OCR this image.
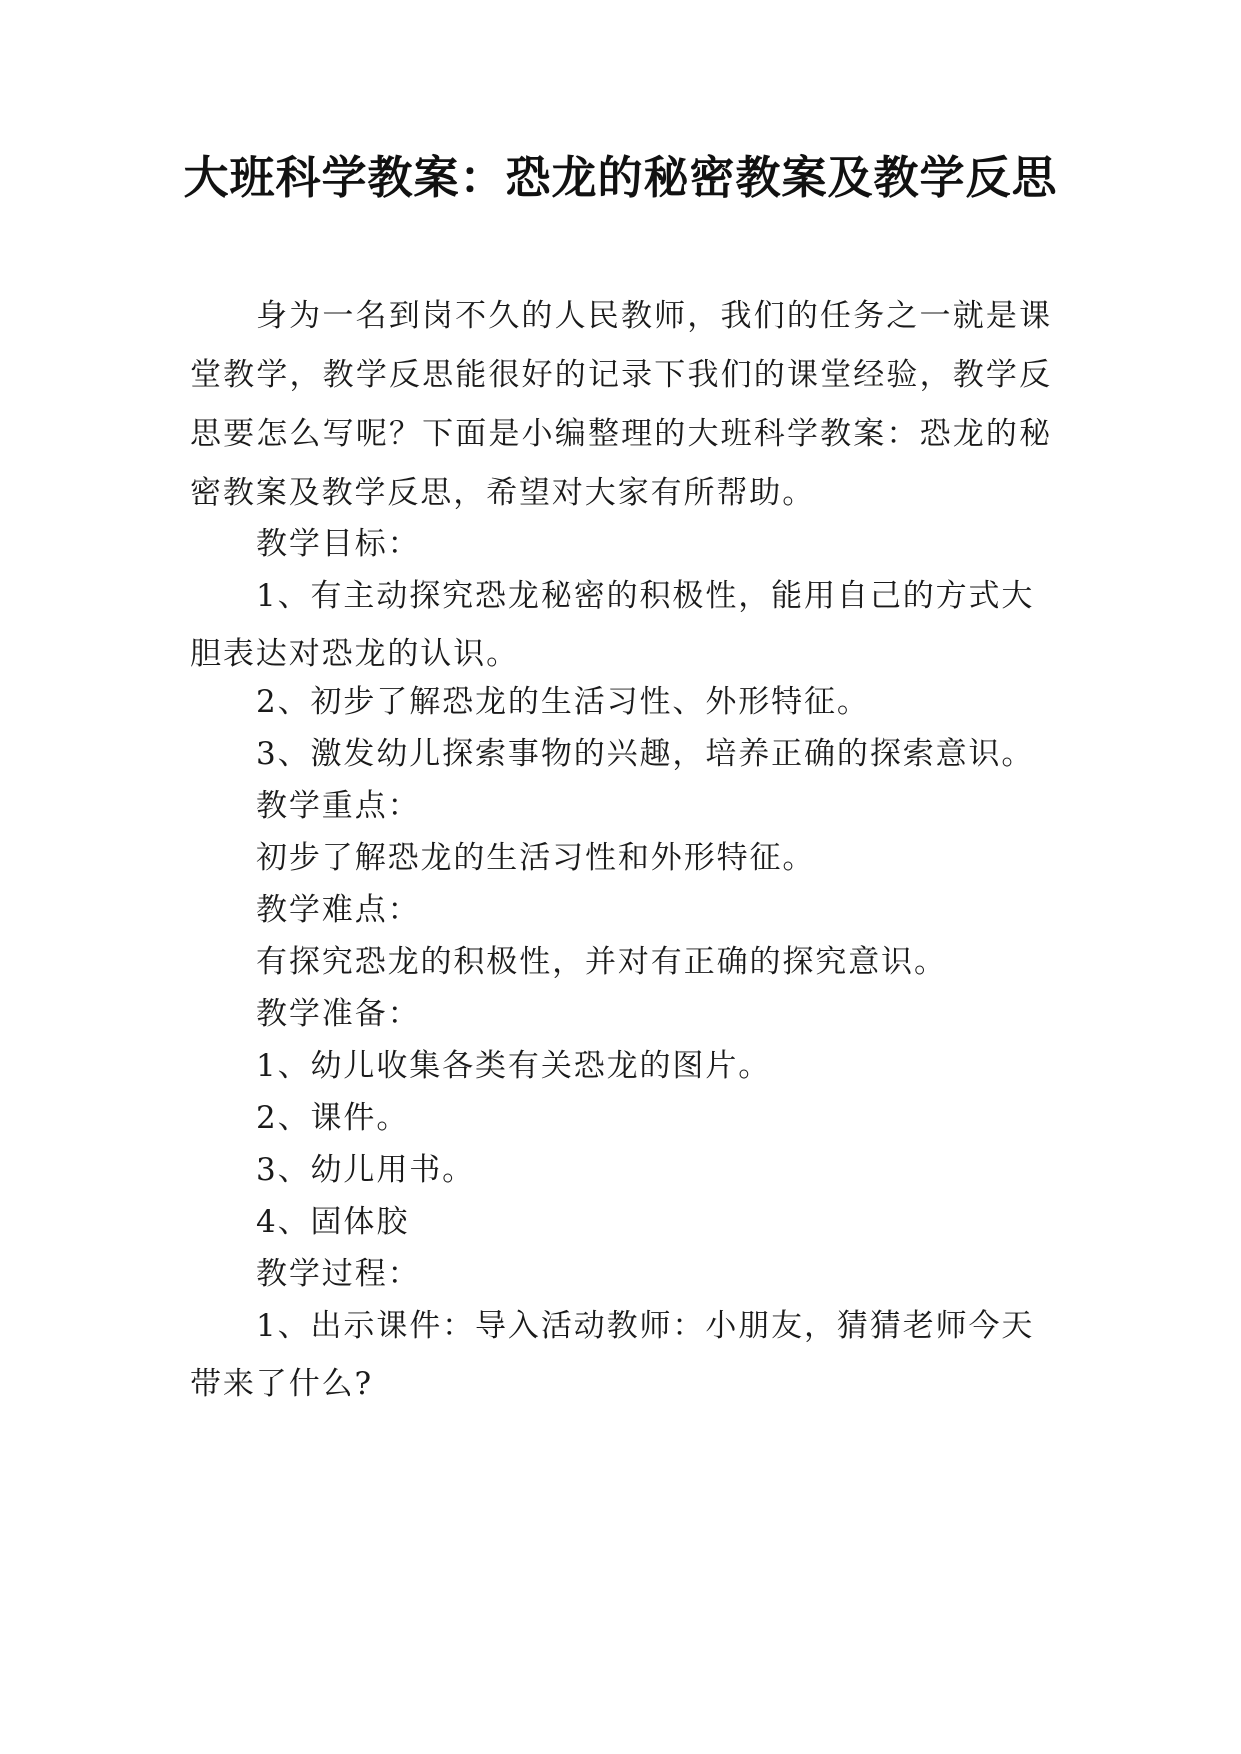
大班科学教案：恐龙的秘密教案及教学反思

身为一名到岗不久的人民教师，我们的任务之一就是课堂教学，教学反思能很好的记录下我们的课堂经验，教学反思要怎么写呢？下面是小编整理的大班科学教案：恐龙的秘密教案及教学反思，希望对大家有所帮助。

教学目标：

1、有主动探究恐龙秘密的积极性，能用自己的方式大胆表达对恐龙的认识。

2、初步了解恐龙的生活习性、外形特征。

3、激发幼儿探索事物的兴趣，培养正确的探索意识。

教学重点：

初步了解恐龙的生活习性和外形特征。

教学难点：

有探究恐龙的积极性，并对有正确的探究意识。

教学准备：

1、幼儿收集各类有关恐龙的图片。

2、课件。

3、幼儿用书。

4、固体胶

教学过程：

1、出示课件：导入活动教师：小朋友，猜猜老师今天带来了什么?
